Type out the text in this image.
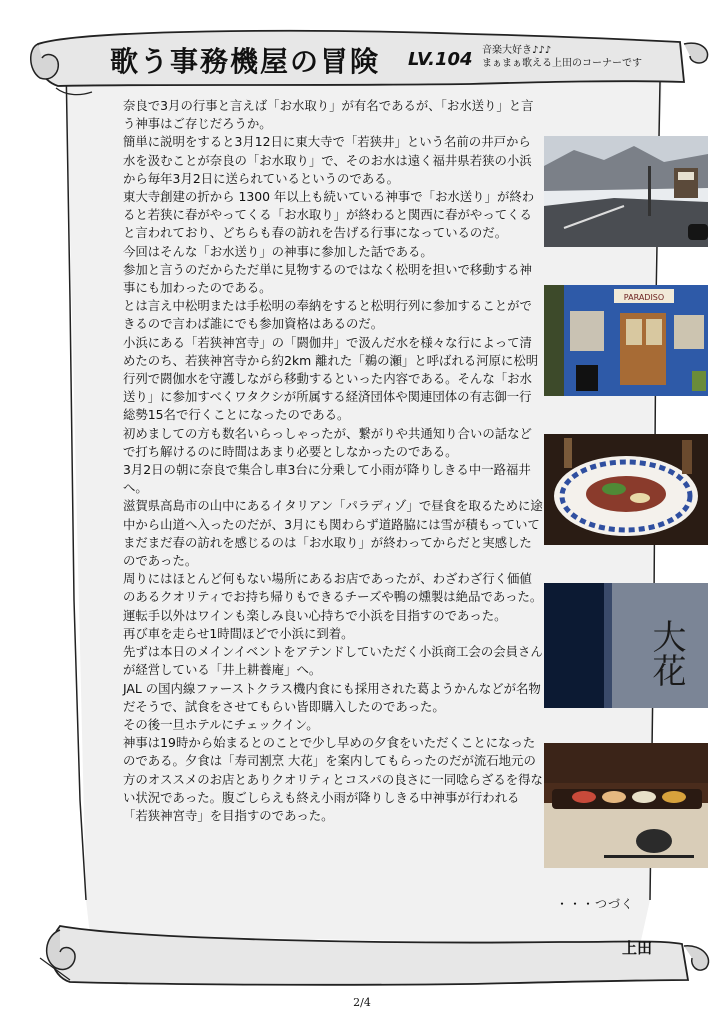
歌う事務機屋の冒険 LV.104 音楽大好き♪♪♪
まぁまぁ歌える上田のコーナーです

奈良で3月の行事と言えば「お水取り」が有名であるが、「お水送り」と言う神事はご存じだろうか。

簡単に説明をすると3月12日に東大寺で「若狭井」という名前の井戸から水を汲むことが奈良の「お水取り」で、そのお水は遠く福井県若狭の小浜から毎年3月2日に送られているというのである。

東大寺創建の折から 1300 年以上も続いている神事で「お水送り」が終わると若狭に春がやってくる「お水取り」が終わると関西に春がやってくると言われており、どちらも春の訪れを告げる行事になっているのだ。

今回はそんな「お水送り」の神事に参加した話である。

参加と言うのだからただ単に見物するのではなく松明を担いで移動する神事にも加わったのである。

とは言え中松明または手松明の奉納をすると松明行列に参加することができるので言わば誰にでも参加資格はあるのだ。

小浜にある「若狭神宮寺」の「閼伽井」で汲んだ水を様々な行によって清めたのち、若狭神宮寺から約2km 離れた「鵜の瀬」と呼ばれる河原に松明行列で閼伽水を守護しながら移動するといった内容である。そんな「お水送り」に参加すべくワタクシが所属する経済団体や関連団体の有志御一行総勢15名で行くことになったのである。

初めましての方も数名いらっしゃったが、繋がりや共通知り合いの話などで打ち解けるのに時間はあまり必要としなかったのである。

3月2日の朝に奈良で集合し車3台に分乗して小雨が降りしきる中一路福井へ。

滋賀県高島市の山中にあるイタリアン「パラディゾ」で昼食を取るために途中から山道へ入ったのだが、3月にも関わらず道路脇には雪が積もっていてまだまだ春の訪れを感じるのは「お水取り」が終わってからだと実感したのであった。

周りにはほとんど何もない場所にあるお店であったが、わざわざ行く価値のあるクオリティでお持ち帰りもできるチーズや鴨の燻製は絶品であった。

運転手以外はワインも楽しみ良い心持ちで小浜を目指すのであった。

再び車を走らせ1時間ほどで小浜に到着。

先ずは本日のメインイベントをアテンドしていただく小浜商工会の会員さんが経営している「井上耕養庵」へ。

JAL の国内線ファーストクラス機内食にも採用された葛ようかんなどが名物だそうで、試食をさせてもらい皆即購入したのであった。

その後一旦ホテルにチェックイン。

神事は19時から始まるとのことで少し早めの夕食をいただくことになったのである。夕食は「寿司割烹 大花」を案内してもらったのだが流石地元の方のオススメのお店とありクオリティとコスパの良さに一同唸らざるを得ない状況であった。腹ごしらえも終え小雨が降りしきる中神事が行われる「若狭神宮寺」を目指すのであった。

・・・つづく
PARADISO
大花
上田
2/4
